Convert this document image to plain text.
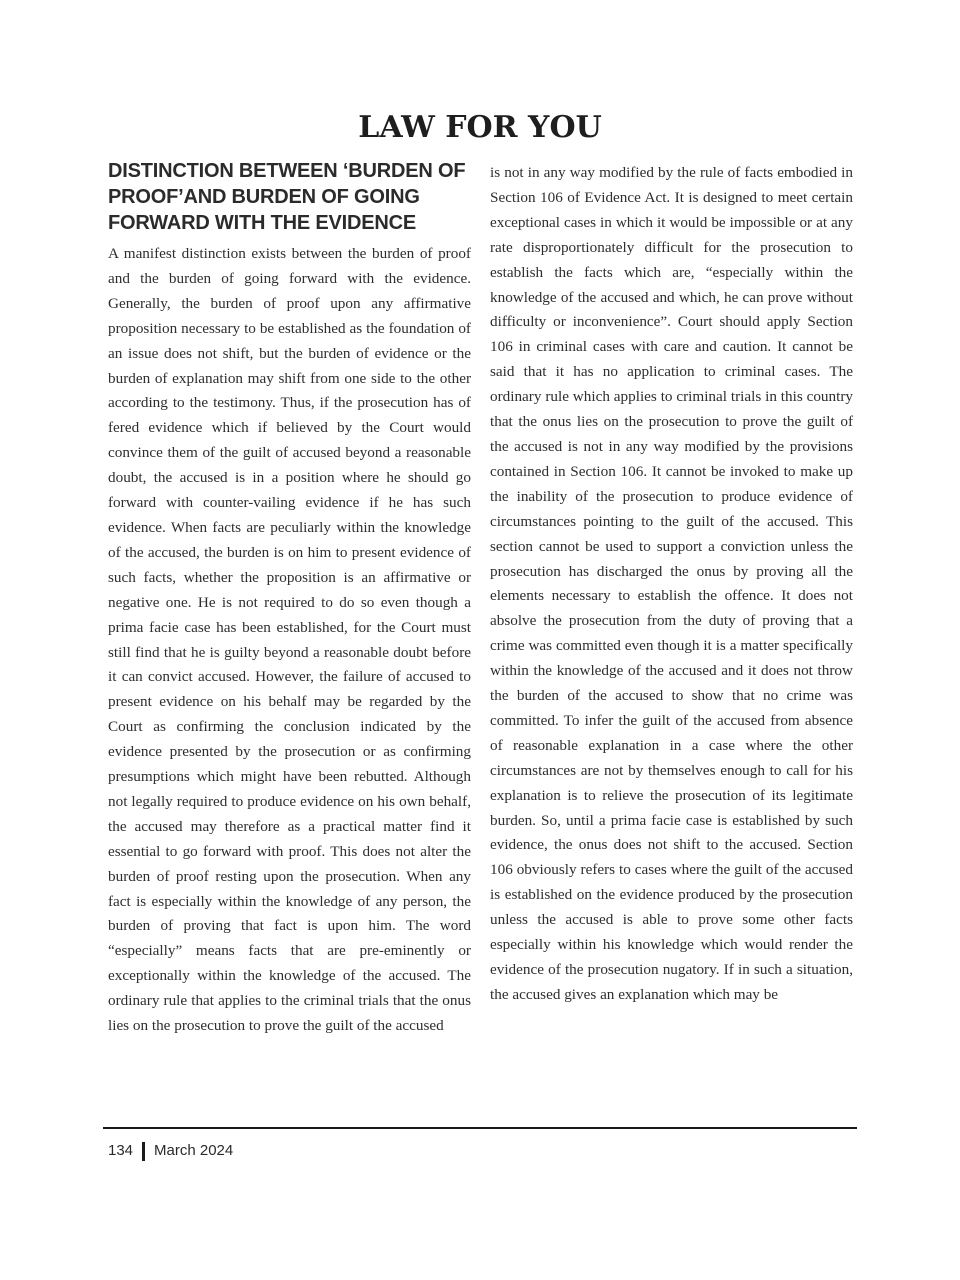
LAW FOR YOU
DISTINCTION BETWEEN ‘BURDEN OF PROOF’AND BURDEN OF GOING FORWARD WITH THE EVIDENCE

A manifest distinction exists between the burden of proof and the burden of going forward with the evidence. Generally, the burden of proof upon any affirmative proposition necessary to be established as the foundation of an issue does not shift, but the burden of evidence or the burden of explanation may shift from one side to the other according to the testimony. Thus, if the prosecution has of fered evidence which if believed by the Court would convince them of the guilt of accused beyond a reasonable doubt, the accused is in a position where he should go forward with counter-vailing evidence if he has such evidence. When facts are peculiarly within the knowledge of the accused, the burden is on him to present evidence of such facts, whether the proposition is an affirmative or negative one. He is not required to do so even though a prima facie case has been established, for the Court must still find that he is guilty beyond a reasonable doubt before it can convict accused. However, the failure of accused to present evidence on his behalf may be regarded by the Court as confirming the conclusion indicated by the evidence presented by the prosecution or as confirming presumptions which might have been rebutted. Although not legally required to produce evidence on his own behalf, the accused may therefore as a practical matter find it essential to go forward with proof. This does not alter the burden of proof resting upon the prosecution. When any fact is especially within the knowledge of any person, the burden of proving that fact is upon him. The word “especially” means facts that are pre-eminently or exceptionally within the knowledge of the accused. The ordinary rule that applies to the criminal trials that the onus lies on the prosecution to prove the guilt of the accused

is not in any way modified by the rule of facts embodied in Section 106 of Evidence Act. It is designed to meet certain exceptional cases in which it would be impossible or at any rate disproportionately difficult for the prosecution to establish the facts which are, “especially within the knowledge of the accused and which, he can prove without difficulty or inconvenience”. Court should apply Section 106 in criminal cases with care and caution. It cannot be said that it has no application to criminal cases. The ordinary rule which applies to criminal trials in this country that the onus lies on the prosecution to prove the guilt of the accused is not in any way modified by the provisions contained in Section 106. It cannot be invoked to make up the inability of the prosecution to produce evidence of circumstances pointing to the guilt of the accused. This section cannot be used to support a conviction unless the prosecution has discharged the onus by proving all the elements necessary to establish the offence. It does not absolve the prosecution from the duty of proving that a crime was committed even though it is a matter specifically within the knowledge of the accused and it does not throw the burden of the accused to show that no crime was committed. To infer the guilt of the accused from absence of reasonable explanation in a case where the other circumstances are not by themselves enough to call for his explanation is to relieve the prosecution of its legitimate burden. So, until a prima facie case is established by such evidence, the onus does not shift to the accused. Section 106 obviously refers to cases where the guilt of the accused is established on the evidence produced by the prosecution unless the accused is able to prove some other facts especially within his knowledge which would render the evidence of the prosecution nugatory. If in such a situation, the accused gives an explanation which may be

134 March 2024
